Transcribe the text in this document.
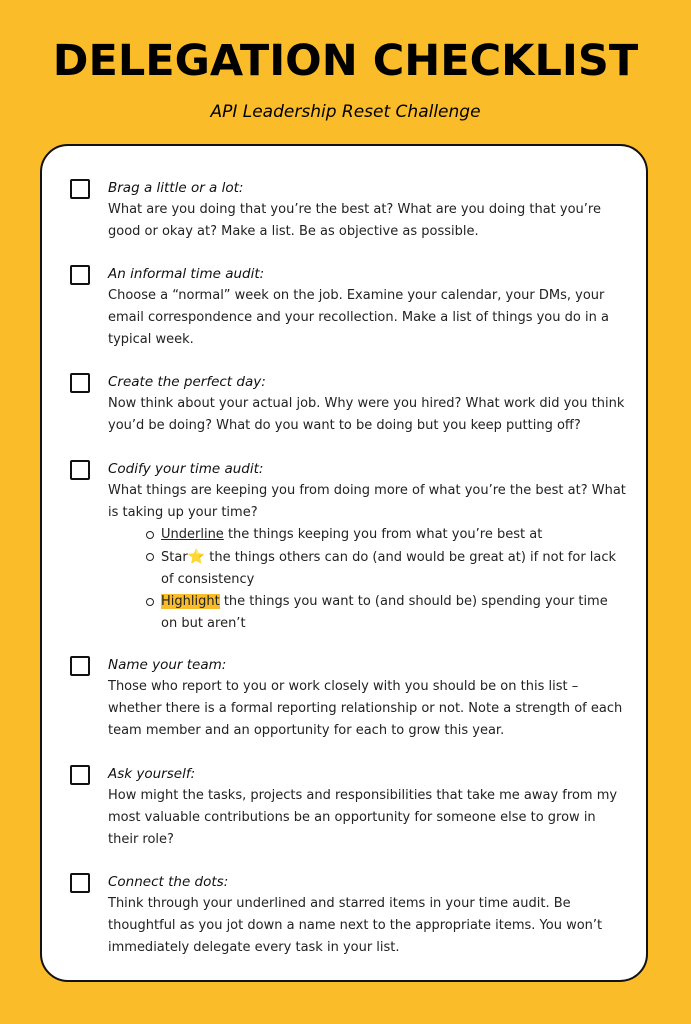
DELEGATION CHECKLIST
API Leadership Reset Challenge
Brag a little or a lot:
What are you doing that you’re the best at? What are you doing that you’re good or okay at? Make a list. Be as objective as possible.
An informal time audit:
Choose a “normal” week on the job. Examine your calendar, your DMs, your email correspondence and your recollection. Make a list of things you do in a typical week.
Create the perfect day:
Now think about your actual job. Why were you hired? What work did you think you’d be doing? What do you want to be doing but you keep putting off?
Codify your time audit:
What things are keeping you from doing more of what you’re the best at? What is taking up your time?
Underline the things keeping you from what you’re best at
Star⭐ the things others can do (and would be great at) if not for lack of consistency
Highlight the things you want to (and should be) spending your time on but aren’t
Name your team:
Those who report to you or work closely with you should be on this list – whether there is a formal reporting relationship or not. Note a strength of each team member and an opportunity for each to grow this year.
Ask yourself:
How might the tasks, projects and responsibilities that take me away from my most valuable contributions be an opportunity for someone else to grow in their role?
Connect the dots:
Think through your underlined and starred items in your time audit. Be thoughtful as you jot down a name next to the appropriate items. You won’t immediately delegate every task in your list.
